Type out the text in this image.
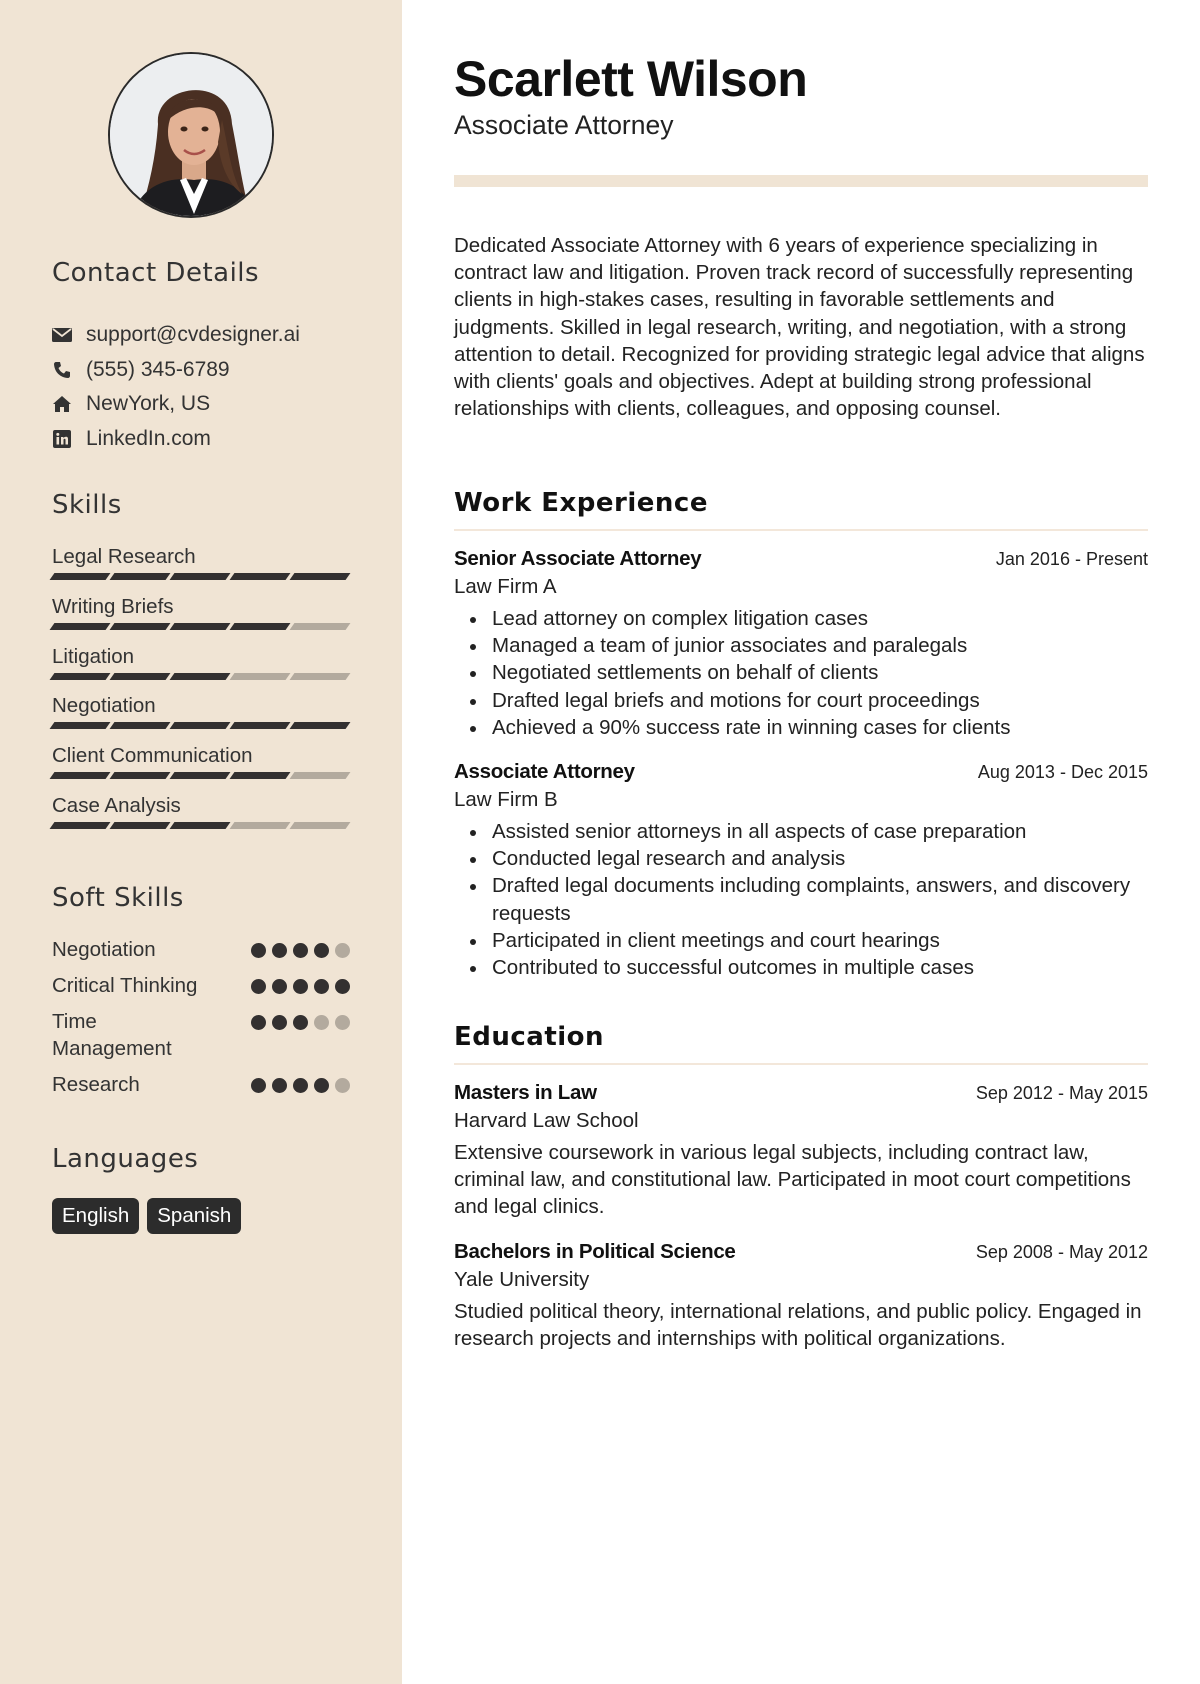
Contact Details
support@cvdesigner.ai
(555) 345-6789
NewYork, US
LinkedIn.com
Skills
Legal Research
Writing Briefs
Litigation
Negotiation
Client Communication
Case Analysis
Soft Skills
Negotiation
Critical Thinking
Time Management
Research
Languages
English	Spanish
Scarlett Wilson
Associate Attorney

Dedicated Associate Attorney with 6 years of experience specializing in contract law and litigation. Proven track record of successfully representing clients in high-stakes cases, resulting in favorable settlements and judgments. Skilled in legal research, writing, and negotiation, with a strong attention to detail. Recognized for providing strategic legal advice that aligns with clients' goals and objectives. Adept at building strong professional relationships with clients, colleagues, and opposing counsel.

Work Experience
Senior Associate Attorney	Jan 2016 - Present
Law Firm A
Lead attorney on complex litigation cases
Managed a team of junior associates and paralegals
Negotiated settlements on behalf of clients
Drafted legal briefs and motions for court proceedings
Achieved a 90% success rate in winning cases for clients
Associate Attorney	Aug 2013 - Dec 2015
Law Firm B
Assisted senior attorneys in all aspects of case preparation
Conducted legal research and analysis
Drafted legal documents including complaints, answers, and discovery requests
Participated in client meetings and court hearings
Contributed to successful outcomes in multiple cases
Education
Masters in Law	Sep 2012 - May 2015
Harvard Law School

Extensive coursework in various legal subjects, including contract law, criminal law, and constitutional law. Participated in moot court competitions and legal clinics.

Bachelors in Political Science	Sep 2008 - May 2012
Yale University

Studied political theory, international relations, and public policy. Engaged in research projects and internships with political organizations.
